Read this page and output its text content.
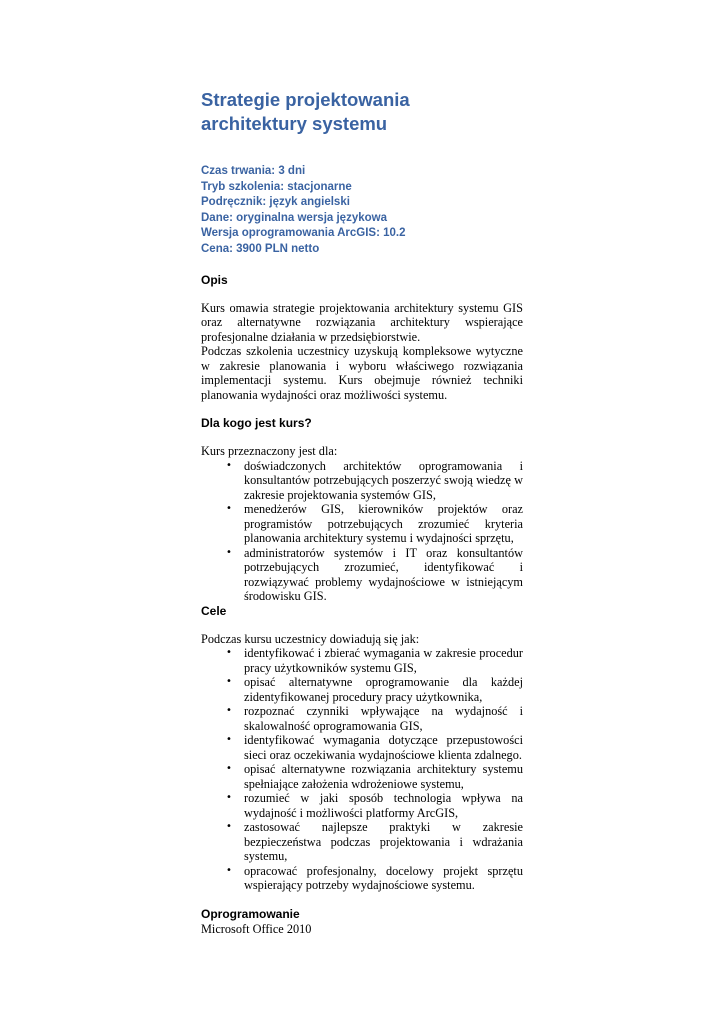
Strategie projektowania
architektury systemu
Czas trwania: 3 dni
Tryb szkolenia: stacjonarne
Podręcznik: język angielski
Dane: oryginalna wersja językowa
Wersja oprogramowania ArcGIS: 10.2
Cena: 3900 PLN netto
Opis

Kurs omawia strategie projektowania architektury systemu GIS oraz alternatywne rozwiązania architektury wspierające profesjonalne działania w przedsiębiorstwie.

Podczas szkolenia uczestnicy uzyskują kompleksowe wytyczne w zakresie planowania i wyboru właściwego rozwiązania implementacji systemu. Kurs obejmuje również techniki planowania wydajności oraz możliwości systemu.

Dla kogo jest kurs?

Kurs przeznaczony jest dla:

• doświadczonych architektów oprogramowania i konsultantów potrzebujących poszerzyć swoją wiedzę w zakresie projektowania systemów GIS,
• menedżerów GIS, kierowników projektów oraz programistów potrzebujących zrozumieć kryteria planowania architektury systemu i wydajności sprzętu,
• administratorów systemów i IT oraz konsultantów potrzebujących zrozumieć, identyfikować i rozwiązywać problemy wydajnościowe w istniejącym środowisku GIS.
Cele

Podczas kursu uczestnicy dowiadują się jak:

• identyfikować i zbierać wymagania w zakresie procedur pracy użytkowników systemu GIS,
• opisać alternatywne oprogramowanie dla każdej zidentyfikowanej procedury pracy użytkownika,
• rozpoznać czynniki wpływające na wydajność i skalowalność oprogramowania GIS,
• identyfikować wymagania dotyczące przepustowości sieci oraz oczekiwania wydajnościowe klienta zdalnego.
• opisać alternatywne rozwiązania architektury systemu spełniające założenia wdrożeniowe systemu,
• rozumieć w jaki sposób technologia wpływa na wydajność i możliwości platformy ArcGIS,
• zastosować najlepsze praktyki w zakresie bezpieczeństwa podczas projektowania i wdrażania systemu,
• opracować profesjonalny, docelowy projekt sprzętu wspierający potrzeby wydajnościowe systemu.
Oprogramowanie
Microsoft Office 2010
